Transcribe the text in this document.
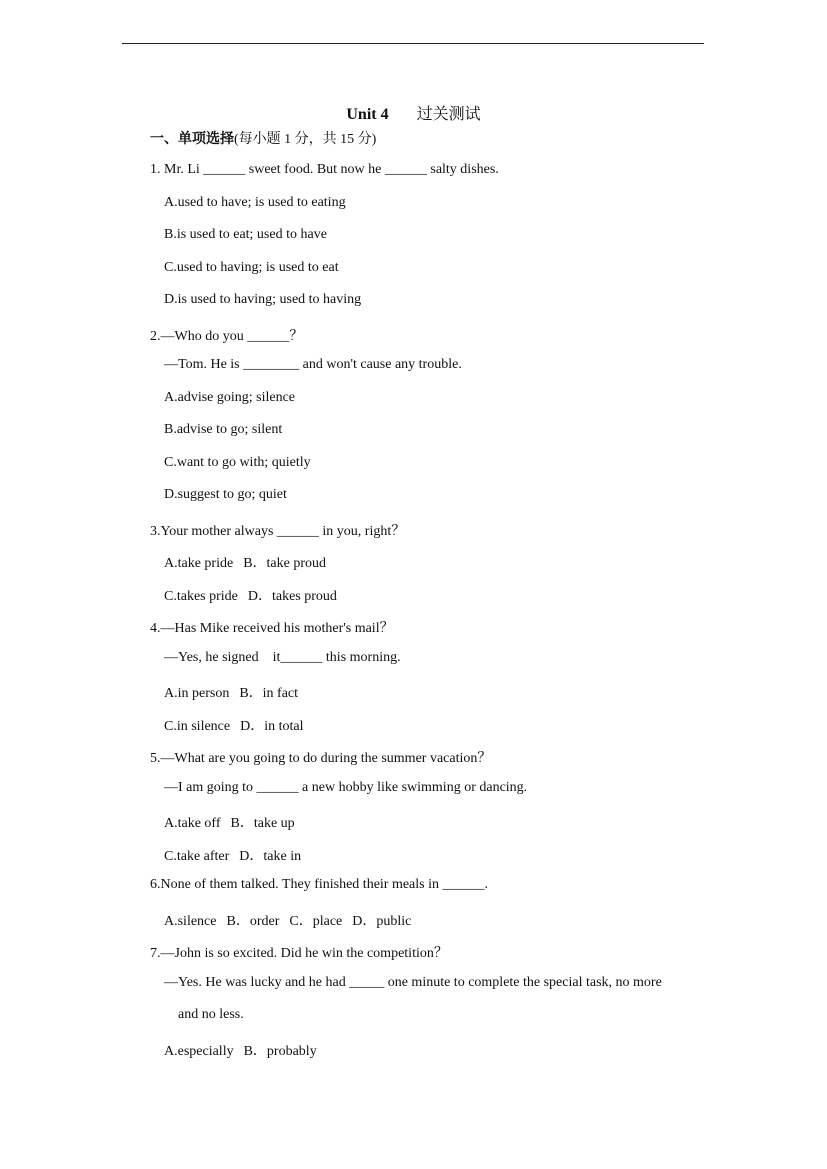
Unit 4 过关测试
一、单项选择(每小题 1 分，共 15 分)
1. Mr. Li ______ sweet food. But now he ______ salty dishes.
A.used to have; is used to eating
B.is used to eat; used to have
C.used to having; is used to eat
D.is used to having; used to having
2.—Who do you ______？
—Tom. He is ________ and won't cause any trouble.
A.advise going; silence
B.advise to go; silent
C.want to go with; quietly
D.suggest to go; quiet
3.Your mother always ______ in you, right？
A.take pride B．take proud
C.takes pride D．takes proud
4.—Has Mike received his mother's mail？
—Yes, he signed    it______ this morning.
A.in person B．in fact
C.in silence D．in total
5.—What are you going to do during the summer vacation？
—I am going to ______ a new hobby like swimming or dancing.
A.take off B．take up
C.take after D．take in
6.None of them talked. They finished their meals in ______.
A.silence B．order C．place D．public
7.—John is so excited. Did he win the competition？
—Yes. He was lucky and he had _____ one minute to complete the special task, no more
and no less.
A.especially B．probably
